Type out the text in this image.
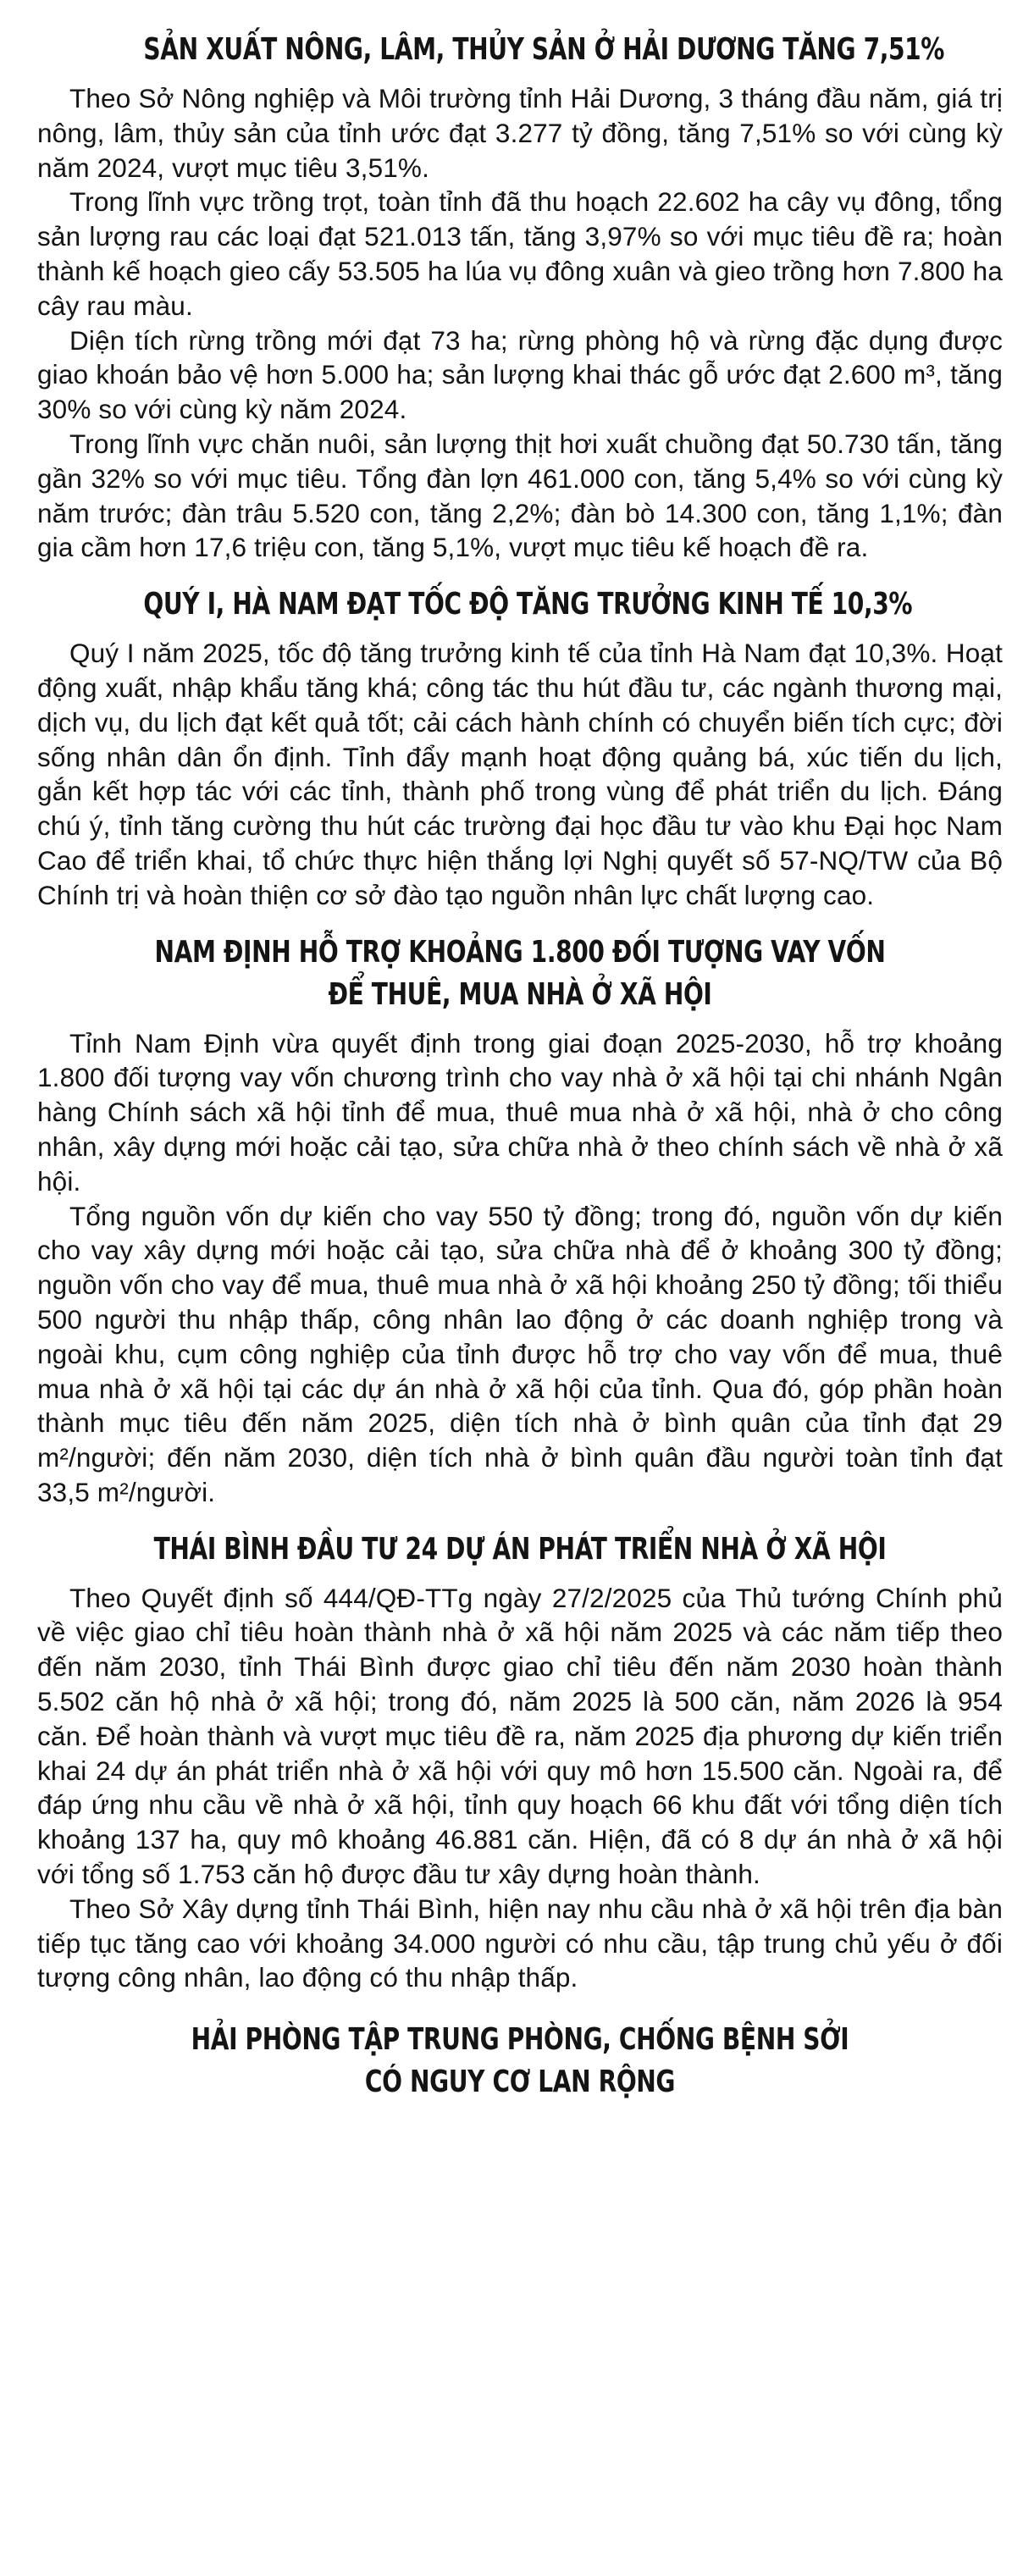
SẢN XUẤT NÔNG, LÂM, THỦY SẢN Ở HẢI DƯƠNG TĂNG 7,51%

Theo Sở Nông nghiệp và Môi trường tỉnh Hải Dương, 3 tháng đầu năm, giá trị nông, lâm, thủy sản của tỉnh ước đạt 3.277 tỷ đồng, tăng 7,51% so với cùng kỳ năm 2024, vượt mục tiêu 3,51%.

Trong lĩnh vực trồng trọt, toàn tỉnh đã thu hoạch 22.602 ha cây vụ đông, tổng sản lượng rau các loại đạt 521.013 tấn, tăng 3,97% so với mục tiêu đề ra; hoàn thành kế hoạch gieo cấy 53.505 ha lúa vụ đông xuân và gieo trồng hơn 7.800 ha cây rau màu.

Diện tích rừng trồng mới đạt 73 ha; rừng phòng hộ và rừng đặc dụng được giao khoán bảo vệ hơn 5.000 ha; sản lượng khai thác gỗ ước đạt 2.600 m³, tăng 30% so với cùng kỳ năm 2024.

Trong lĩnh vực chăn nuôi, sản lượng thịt hơi xuất chuồng đạt 50.730 tấn, tăng gần 32% so với mục tiêu. Tổng đàn lợn 461.000 con, tăng 5,4% so với cùng kỳ năm trước; đàn trâu 5.520 con, tăng 2,2%; đàn bò 14.300 con, tăng 1,1%; đàn gia cầm hơn 17,6 triệu con, tăng 5,1%, vượt mục tiêu kế hoạch đề ra.

QUÝ I, HÀ NAM ĐẠT TỐC ĐỘ TĂNG TRƯỞNG KINH TẾ 10,3%

Quý I năm 2025, tốc độ tăng trưởng kinh tế của tỉnh Hà Nam đạt 10,3%. Hoạt động xuất, nhập khẩu tăng khá; công tác thu hút đầu tư, các ngành thương mại, dịch vụ, du lịch đạt kết quả tốt; cải cách hành chính có chuyển biến tích cực; đời sống nhân dân ổn định. Tỉnh đẩy mạnh hoạt động quảng bá, xúc tiến du lịch, gắn kết hợp tác với các tỉnh, thành phố trong vùng để phát triển du lịch. Đáng chú ý, tỉnh tăng cường thu hút các trường đại học đầu tư vào khu Đại học Nam Cao để triển khai, tổ chức thực hiện thắng lợi Nghị quyết số 57-NQ/TW của Bộ Chính trị và hoàn thiện cơ sở đào tạo nguồn nhân lực chất lượng cao.

NAM ĐỊNH HỖ TRỢ KHOẢNG 1.800 ĐỐI TƯỢNG VAY VỐN
ĐỂ THUÊ, MUA NHÀ Ở XÃ HỘI

Tỉnh Nam Định vừa quyết định trong giai đoạn 2025-2030, hỗ trợ khoảng 1.800 đối tượng vay vốn chương trình cho vay nhà ở xã hội tại chi nhánh Ngân hàng Chính sách xã hội tỉnh để mua, thuê mua nhà ở xã hội, nhà ở cho công nhân, xây dựng mới hoặc cải tạo, sửa chữa nhà ở theo chính sách về nhà ở xã hội.

Tổng nguồn vốn dự kiến cho vay 550 tỷ đồng; trong đó, nguồn vốn dự kiến cho vay xây dựng mới hoặc cải tạo, sửa chữa nhà để ở khoảng 300 tỷ đồng; nguồn vốn cho vay để mua, thuê mua nhà ở xã hội khoảng 250 tỷ đồng; tối thiểu 500 người thu nhập thấp, công nhân lao động ở các doanh nghiệp trong và ngoài khu, cụm công nghiệp của tỉnh được hỗ trợ cho vay vốn để mua, thuê mua nhà ở xã hội tại các dự án nhà ở xã hội của tỉnh. Qua đó, góp phần hoàn thành mục tiêu đến năm 2025, diện tích nhà ở bình quân của tỉnh đạt 29 m²/người; đến năm 2030, diện tích nhà ở bình quân đầu người toàn tỉnh đạt 33,5 m²/người.

THÁI BÌNH ĐẦU TƯ 24 DỰ ÁN PHÁT TRIỂN NHÀ Ở XÃ HỘI

Theo Quyết định số 444/QĐ-TTg ngày 27/2/2025 của Thủ tướng Chính phủ về việc giao chỉ tiêu hoàn thành nhà ở xã hội năm 2025 và các năm tiếp theo đến năm 2030, tỉnh Thái Bình được giao chỉ tiêu đến năm 2030 hoàn thành 5.502 căn hộ nhà ở xã hội; trong đó, năm 2025 là 500 căn, năm 2026 là 954 căn. Để hoàn thành và vượt mục tiêu đề ra, năm 2025 địa phương dự kiến triển khai 24 dự án phát triển nhà ở xã hội với quy mô hơn 15.500 căn. Ngoài ra, để đáp ứng nhu cầu về nhà ở xã hội, tỉnh quy hoạch 66 khu đất với tổng diện tích khoảng 137 ha, quy mô khoảng 46.881 căn. Hiện, đã có 8 dự án nhà ở xã hội với tổng số 1.753 căn hộ được đầu tư xây dựng hoàn thành.

Theo Sở Xây dựng tỉnh Thái Bình, hiện nay nhu cầu nhà ở xã hội trên địa bàn tiếp tục tăng cao với khoảng 34.000 người có nhu cầu, tập trung chủ yếu ở đối tượng công nhân, lao động có thu nhập thấp.

HẢI PHÒNG TẬP TRUNG PHÒNG, CHỐNG BỆNH SỞI
CÓ NGUY CƠ LAN RỘNG
